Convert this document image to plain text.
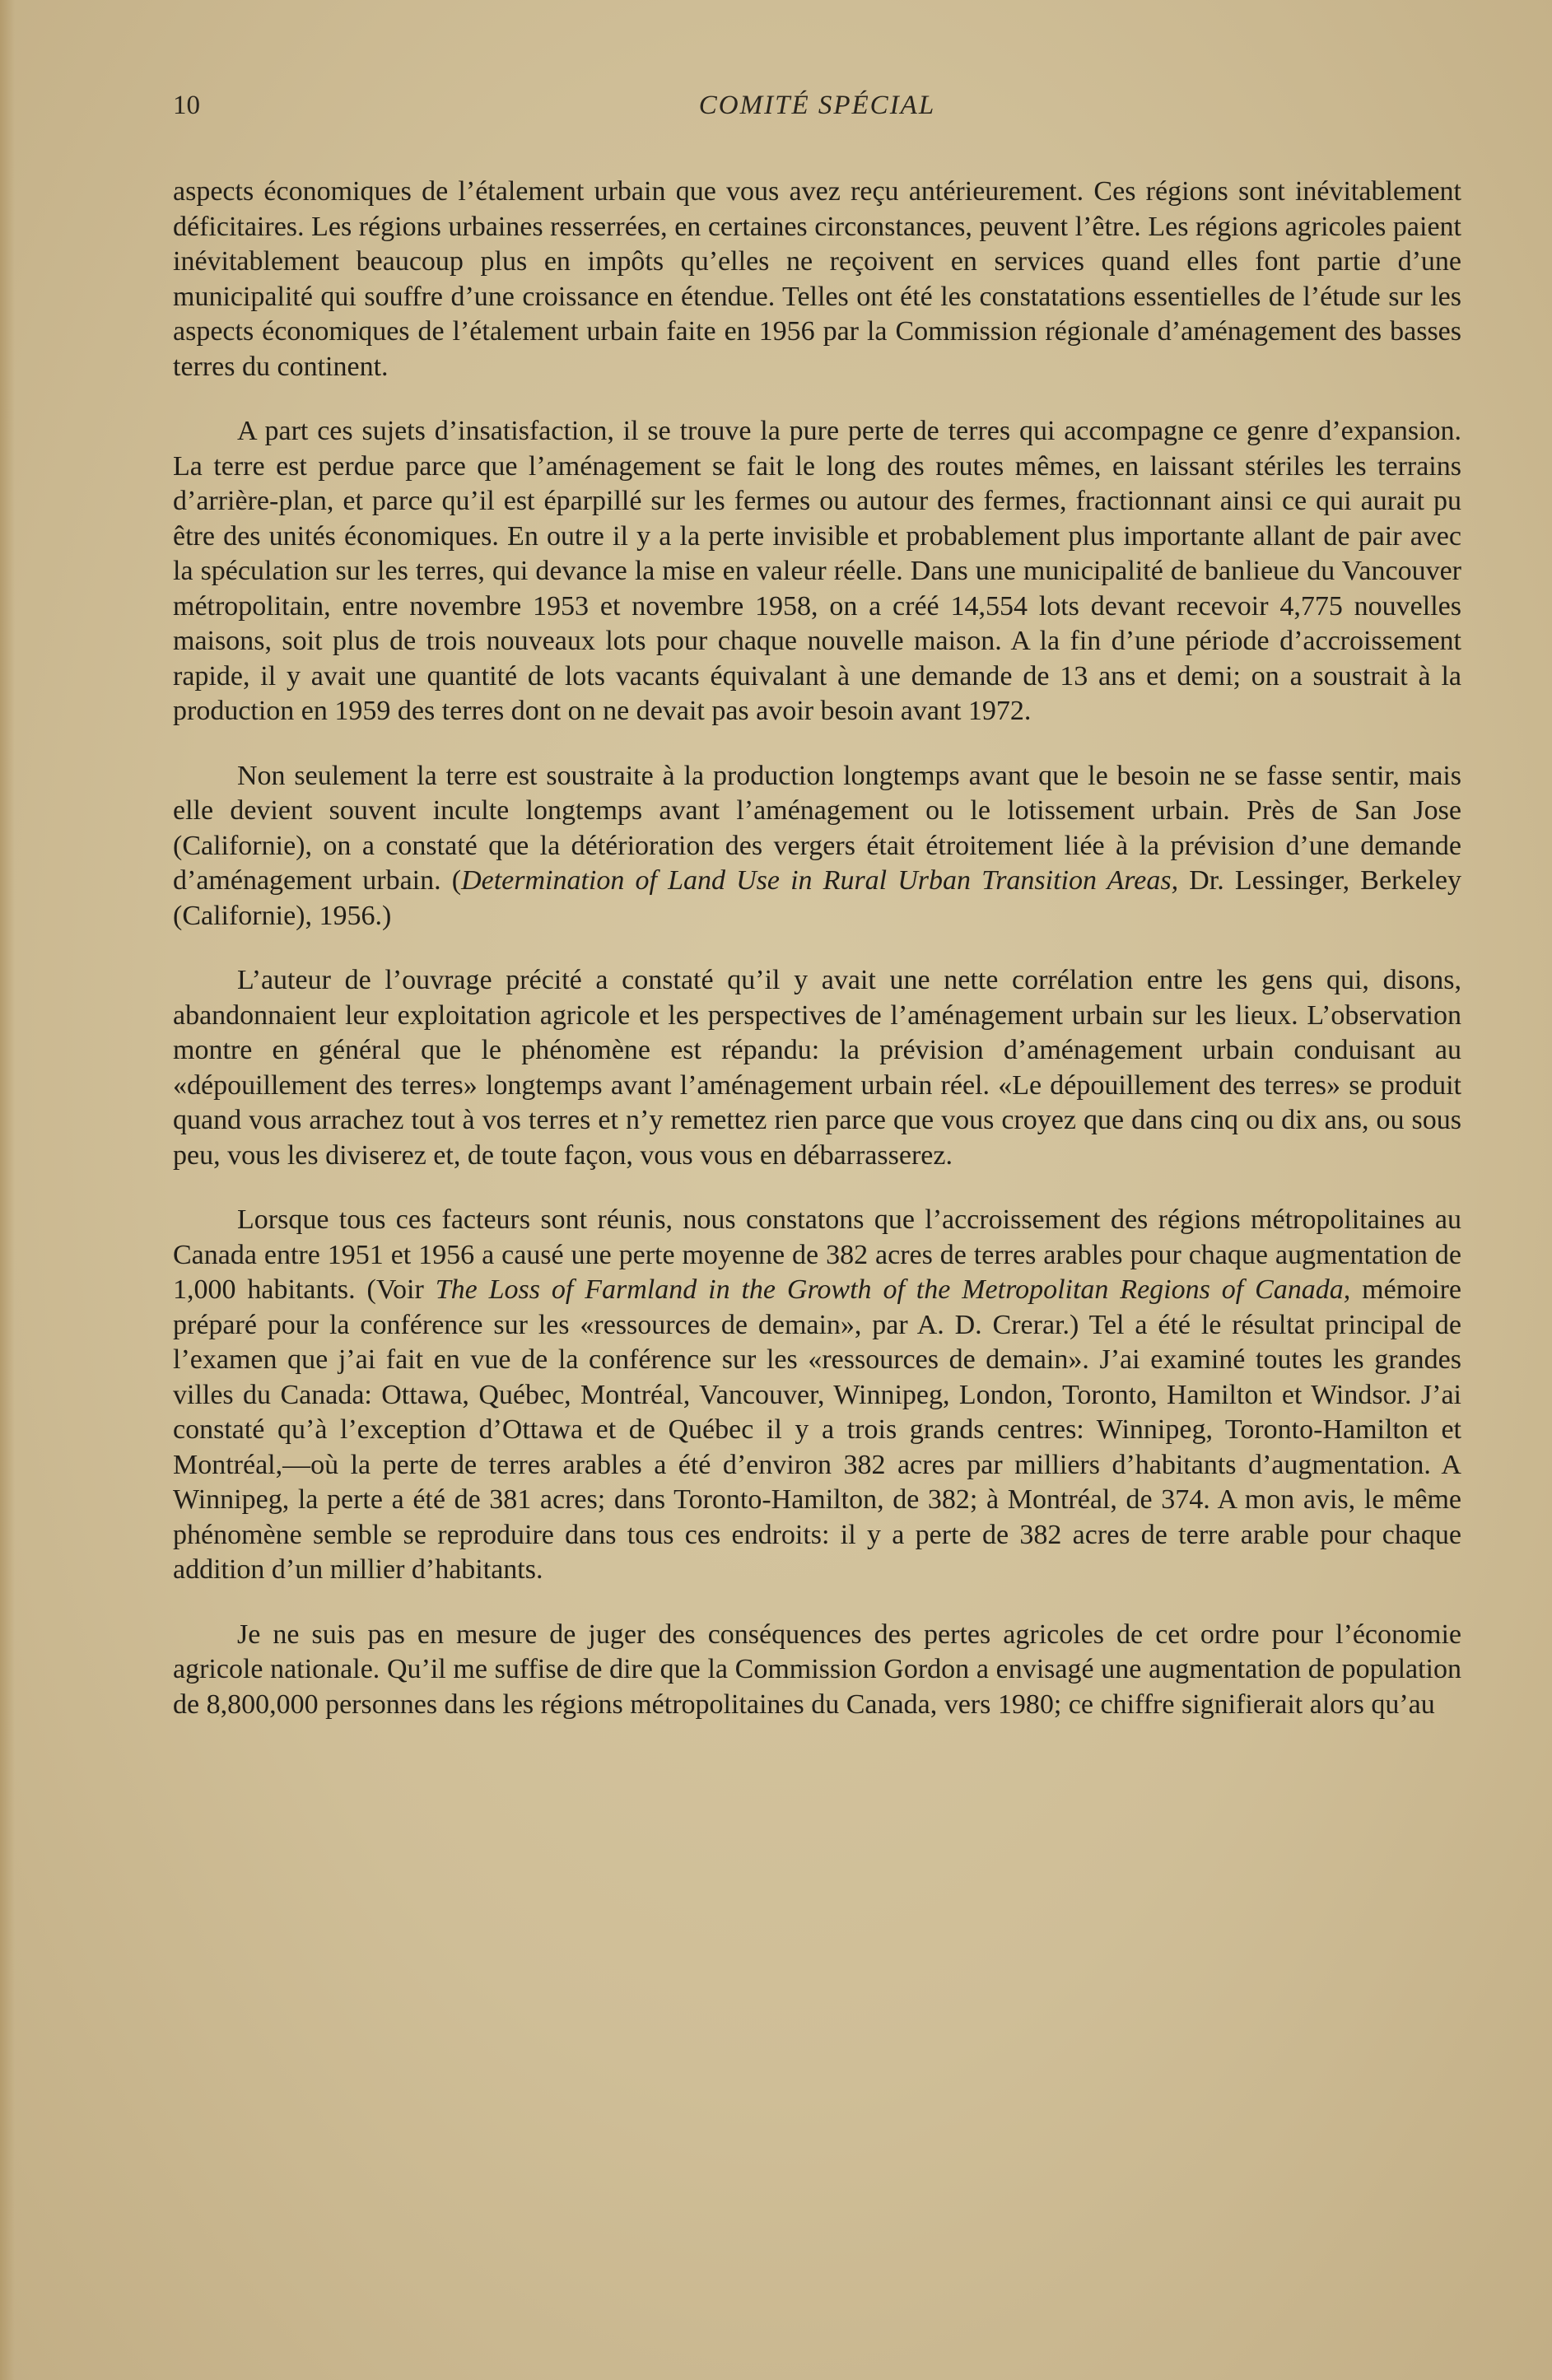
10	COMITÉ SPÉCIAL

aspects économiques de l’étalement urbain que vous avez reçu antérieurement. Ces régions sont inévitablement déficitaires. Les régions urbaines resserrées, en certaines circonstances, peuvent l’être. Les régions agricoles paient inévitablement beaucoup plus en impôts qu’elles ne reçoivent en services quand elles font partie d’une municipalité qui souffre d’une croissance en étendue. Telles ont été les constatations essentielles de l’étude sur les aspects économiques de l’étalement urbain faite en 1956 par la Commission régionale d’aménagement des basses terres du continent.

A part ces sujets d’insatisfaction, il se trouve la pure perte de terres qui accompagne ce genre d’expansion. La terre est perdue parce que l’aménagement se fait le long des routes mêmes, en laissant stériles les terrains d’arrière-plan, et parce qu’il est éparpillé sur les fermes ou autour des fermes, fractionnant ainsi ce qui aurait pu être des unités économiques. En outre il y a la perte invisible et probablement plus importante allant de pair avec la spéculation sur les terres, qui devance la mise en valeur réelle. Dans une municipalité de banlieue du Vancouver métropolitain, entre novembre 1953 et novembre 1958, on a créé 14,554 lots devant recevoir 4,775 nouvelles maisons, soit plus de trois nouveaux lots pour chaque nouvelle maison. A la fin d’une période d’accroissement rapide, il y avait une quantité de lots vacants équivalant à une demande de 13 ans et demi; on a soustrait à la production en 1959 des terres dont on ne devait pas avoir besoin avant 1972.

Non seulement la terre est soustraite à la production longtemps avant que le besoin ne se fasse sentir, mais elle devient souvent inculte longtemps avant l’aménagement ou le lotissement urbain. Près de San Jose (Californie), on a constaté que la détérioration des vergers était étroitement liée à la prévision d’une demande d’aménagement urbain. (Determination of Land Use in Rural Urban Transition Areas, Dr. Lessinger, Berkeley (Californie), 1956.)

L’auteur de l’ouvrage précité a constaté qu’il y avait une nette corrélation entre les gens qui, disons, abandonnaient leur exploitation agricole et les perspectives de l’aménagement urbain sur les lieux. L’observation montre en général que le phénomène est répandu: la prévision d’aménagement urbain conduisant au «dépouillement des terres» longtemps avant l’aménagement urbain réel. «Le dépouillement des terres» se produit quand vous arrachez tout à vos terres et n’y remettez rien parce que vous croyez que dans cinq ou dix ans, ou sous peu, vous les diviserez et, de toute façon, vous vous en débarrasserez.

Lorsque tous ces facteurs sont réunis, nous constatons que l’accroissement des régions métropolitaines au Canada entre 1951 et 1956 a causé une perte moyenne de 382 acres de terres arables pour chaque augmentation de 1,000 habitants. (Voir The Loss of Farmland in the Growth of the Metropolitan Regions of Canada, mémoire préparé pour la conférence sur les «ressources de demain», par A. D. Crerar.) Tel a été le résultat principal de l’examen que j’ai fait en vue de la conférence sur les «ressources de demain». J’ai examiné toutes les grandes villes du Canada: Ottawa, Québec, Montréal, Vancouver, Winnipeg, London, Toronto, Hamilton et Windsor. J’ai constaté qu’à l’exception d’Ottawa et de Québec il y a trois grands centres: Winnipeg, Toronto-Hamilton et Montréal,—où la perte de terres arables a été d’environ 382 acres par milliers d’habitants d’augmentation. A Winnipeg, la perte a été de 381 acres; dans Toronto-Hamilton, de 382; à Montréal, de 374. A mon avis, le même phénomène semble se reproduire dans tous ces endroits: il y a perte de 382 acres de terre arable pour chaque addition d’un millier d’habitants.

Je ne suis pas en mesure de juger des conséquences des pertes agricoles de cet ordre pour l’économie agricole nationale. Qu’il me suffise de dire que la Commission Gordon a envisagé une augmentation de population de 8,800,000 personnes dans les régions métropolitaines du Canada, vers 1980; ce chiffre signifierait alors qu’au
